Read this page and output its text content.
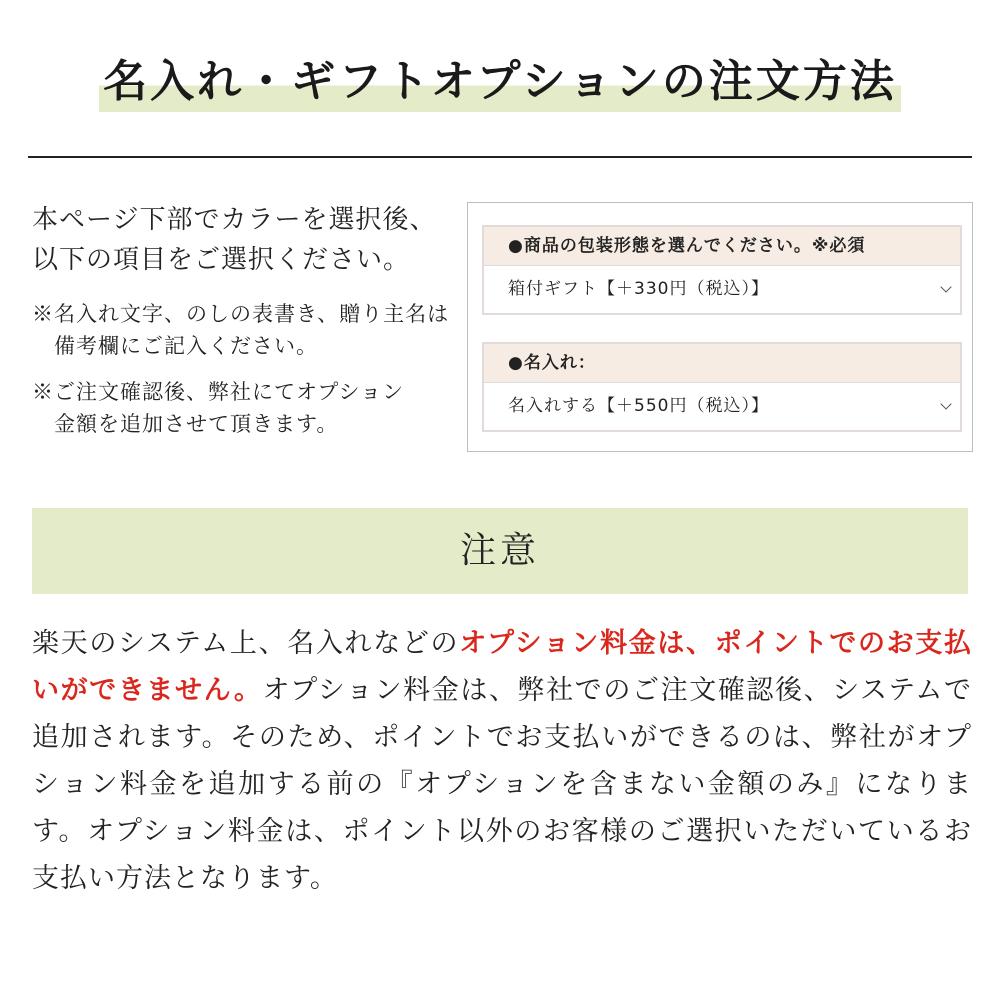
名入れ・ギフトオプションの注文方法
本ページ下部でカラーを選択後、
以下の項目をご選択ください。
※名入れ文字、のしの表書き、贈り主名は
備考欄にご記入ください。
※ご注文確認後、弊社にてオプション
金額を追加させて頂きます。
●商品の包装形態を選んでください。※必須
箱付ギフト【＋330円（税込）】
●名入れ：
名入れする【＋550円（税込）】
注意
楽天のシステム上、名入れなどのオプション料金は、ポイントでのお支払いができません。オプション料金は、弊社でのご注文確認後、システムで追加されます。そのため、ポイントでお支払いができるのは、弊社がオプション料金を追加する前の『オプションを含まない金額のみ』になります。オプション料金は、ポイント以外のお客様のご選択いただいているお支払い方法となります。
